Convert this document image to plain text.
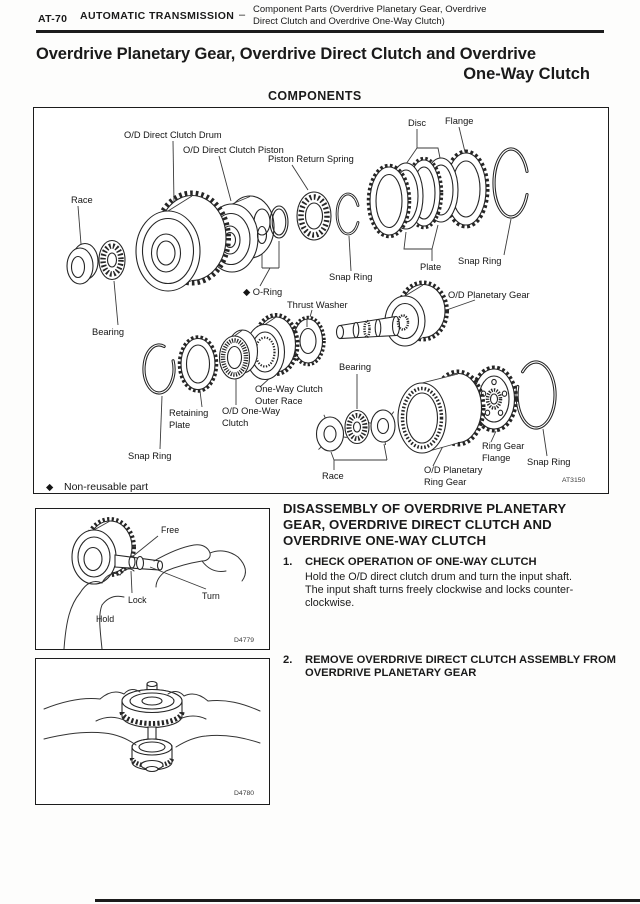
AT-70 AUTOMATIC TRANSMISSION – Component Parts (Overdrive Planetary Gear, Overdrive
Direct Clutch and Overdrive One-Way Clutch)
Overdrive Planetary Gear, Overdrive Direct Clutch and Overdrive
One-Way Clutch
COMPONENTS
Race
O/D Direct Clutch Drum
O/D Direct Clutch Piston
Piston Return Spring
Disc Flange
Snap Ring
Plate
Snap Ring
◆ O-Ring
Thrust Washer
O/D Planetary Gear
Bearing
Snap Ring
Retaining
Plate
O/D One-Way
Clutch
One-Way Clutch
Outer Race
Bearing
Race
O/D Planetary
Ring Gear
Ring Gear
Flange Snap Ring
AT3150
◆ Non-reusable part
Free
Lock	Turn
Hold
D4779
D4780
DISASSEMBLY OF OVERDRIVE PLANETARY
GEAR, OVERDRIVE DIRECT CLUTCH AND
OVERDRIVE ONE-WAY CLUTCH
1. CHECK OPERATION OF ONE-WAY CLUTCH
Hold the O/D direct clutch drum and turn the input shaft.
The input shaft turns freely clockwise and locks counter-
clockwise.
2. REMOVE OVERDRIVE DIRECT CLUTCH ASSEMBLY FROM
OVERDRIVE PLANETARY GEAR
